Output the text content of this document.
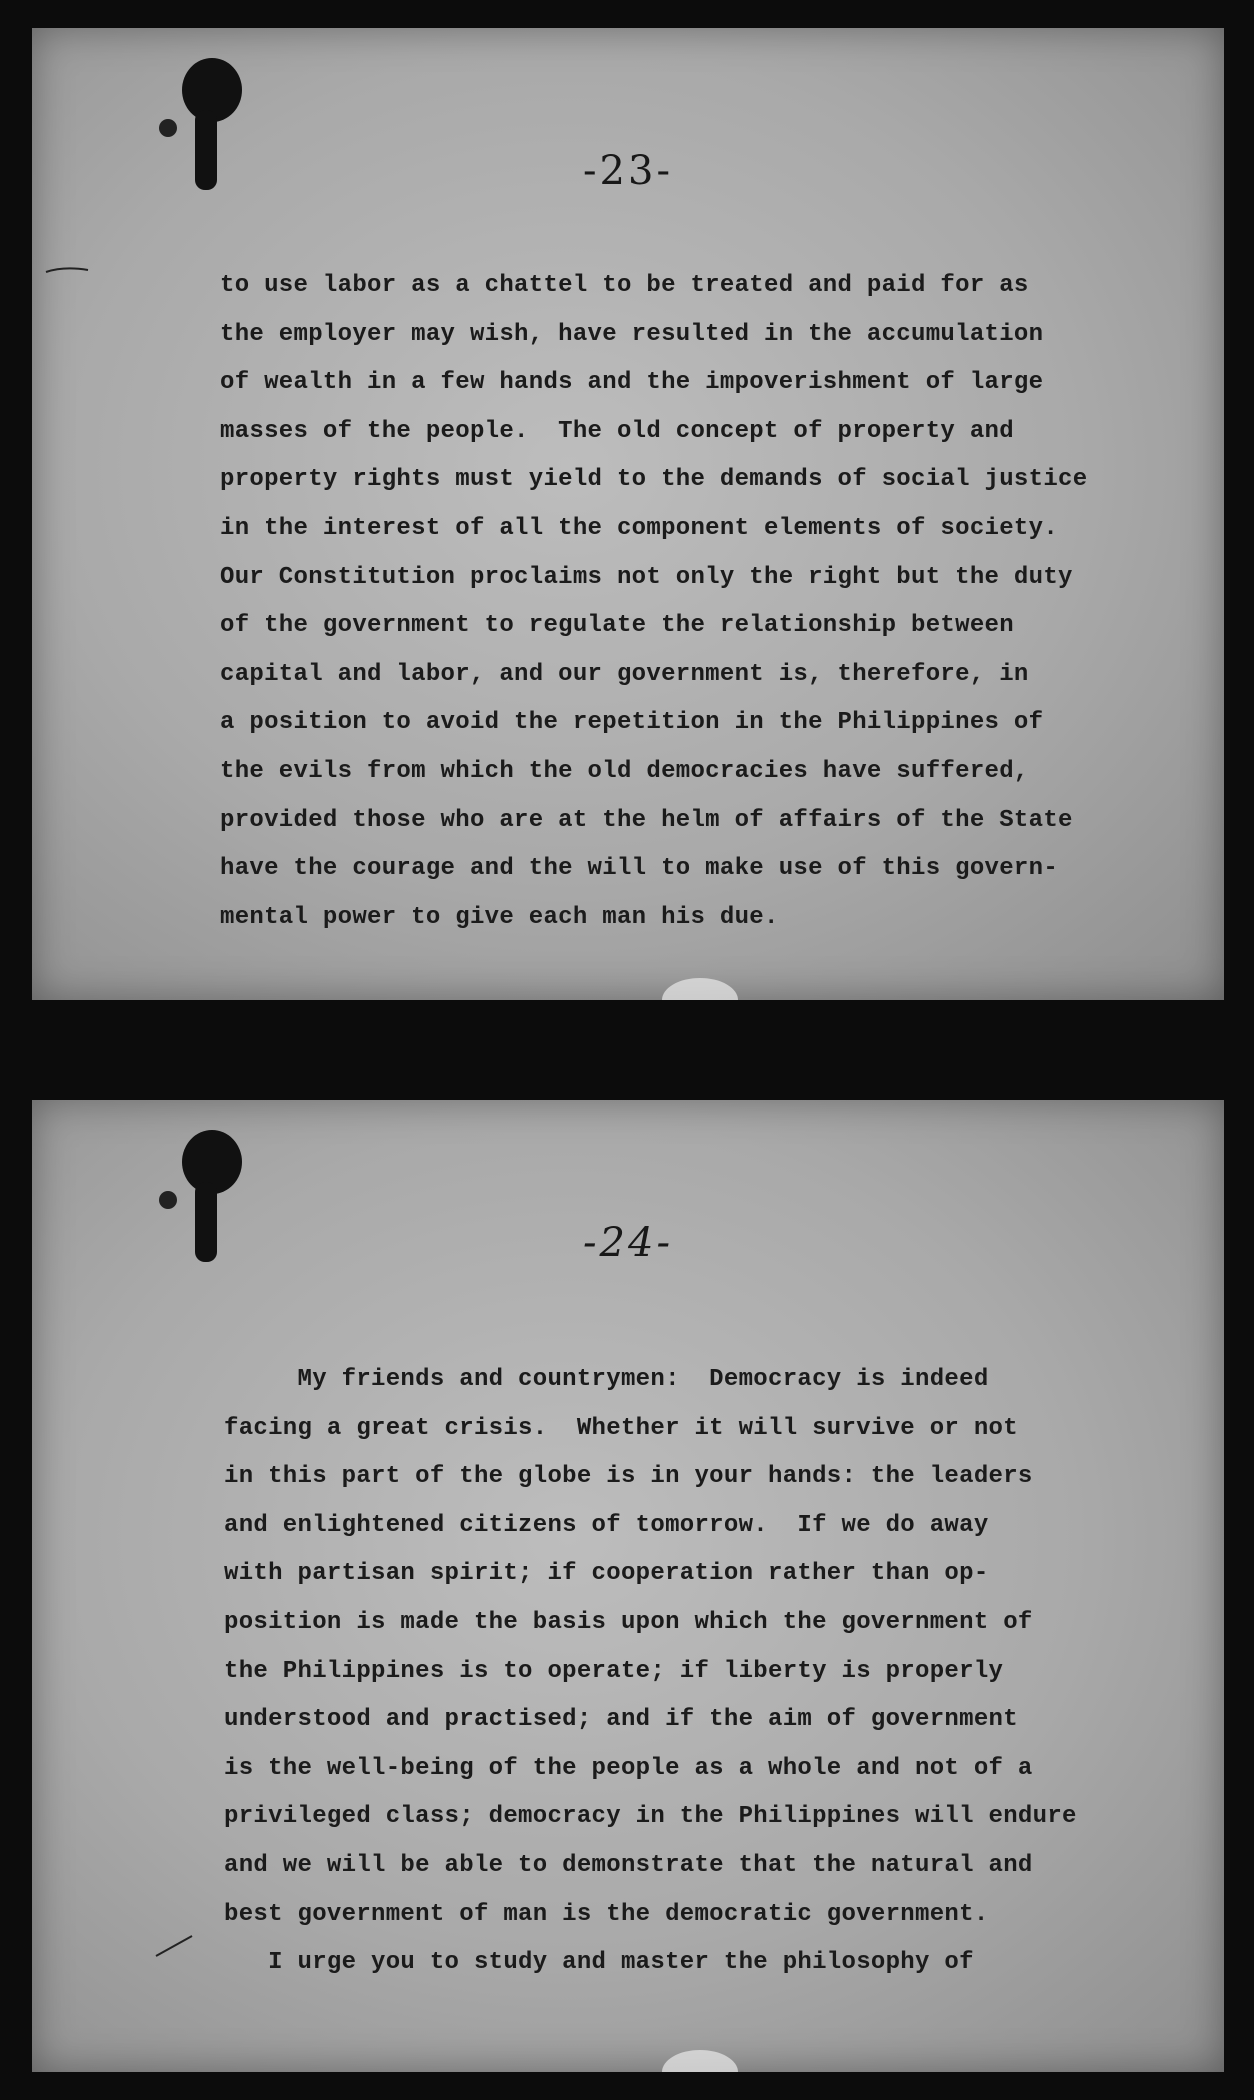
-23-
to use labor as a chattel to be treated and paid for as
the employer may wish, have resulted in the accumulation
of wealth in a few hands and the impoverishment of large
masses of the people.  The old concept of property and
property rights must yield to the demands of social justice
in the interest of all the component elements of society.
Our Constitution proclaims not only the right but the duty
of the government to regulate the relationship between
capital and labor, and our government is, therefore, in
a position to avoid the repetition in the Philippines of
the evils from which the old democracies have suffered,
provided those who are at the helm of affairs of the State
have the courage and the will to make use of this govern-
mental power to give each man his due.
-24-
My friends and countrymen:  Democracy is indeed
facing a great crisis.  Whether it will survive or not
in this part of the globe is in your hands: the leaders
and enlightened citizens of tomorrow.  If we do away
with partisan spirit; if cooperation rather than op-
position is made the basis upon which the government of
the Philippines is to operate; if liberty is properly
understood and practised; and if the aim of government
is the well-being of the people as a whole and not of a
privileged class; democracy in the Philippines will endure
and we will be able to demonstrate that the natural and
best government of man is the democratic government.
I urge you to study and master the philosophy of
